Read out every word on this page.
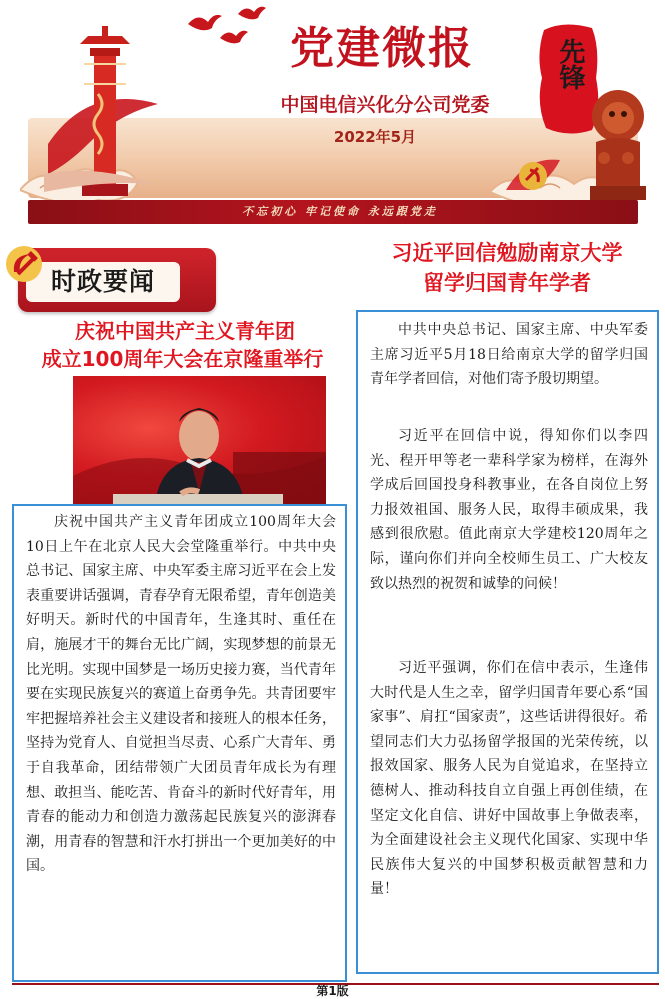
先锋
党建微报
中国电信兴化分公司党委
2022年5月
不忘初心 牢记使命 永远跟党走
时政要闻
习近平回信勉励南京大学
留学归国青年学者
庆祝中国共产主义青年团
成立100周年大会在京隆重举行
庆祝中国共产主义青年团成立100周年大会10日上午在北京人民大会堂隆重举行。中共中央总书记、国家主席、中央军委主席习近平在会上发表重要讲话强调，青春孕育无限希望，青年创造美好明天。新时代的中国青年，生逢其时、重任在肩，施展才干的舞台无比广阔，实现梦想的前景无比光明。实现中国梦是一场历史接力赛，当代青年要在实现民族复兴的赛道上奋勇争先。共青团要牢牢把握培养社会主义建设者和接班人的根本任务，坚持为党育人、自觉担当尽责、心系广大青年、勇于自我革命，团结带领广大团员青年成长为有理想、敢担当、能吃苦、肯奋斗的新时代好青年，用青春的能动力和创造力激荡起民族复兴的澎湃春潮，用青春的智慧和汗水打拼出一个更加美好的中国。
中共中央总书记、国家主席、中央军委主席习近平5月18日给南京大学的留学归国青年学者回信，对他们寄予殷切期望。
习近平在回信中说，得知你们以李四光、程开甲等老一辈科学家为榜样，在海外学成后回国投身科教事业，在各自岗位上努力报效祖国、服务人民，取得丰硕成果，我感到很欣慰。值此南京大学建校120周年之际，谨向你们并向全校师生员工、广大校友致以热烈的祝贺和诚挚的问候！
习近平强调，你们在信中表示，生逢伟大时代是人生之幸，留学归国青年要心系“国家事”、肩扛“国家责”，这些话讲得很好。希望同志们大力弘扬留学报国的光荣传统，以报效国家、服务人民为自觉追求，在坚持立德树人、推动科技自立自强上再创佳绩，在坚定文化自信、讲好中国故事上争做表率，为全面建设社会主义现代化国家、实现中华民族伟大复兴的中国梦积极贡献智慧和力量！
第1版
